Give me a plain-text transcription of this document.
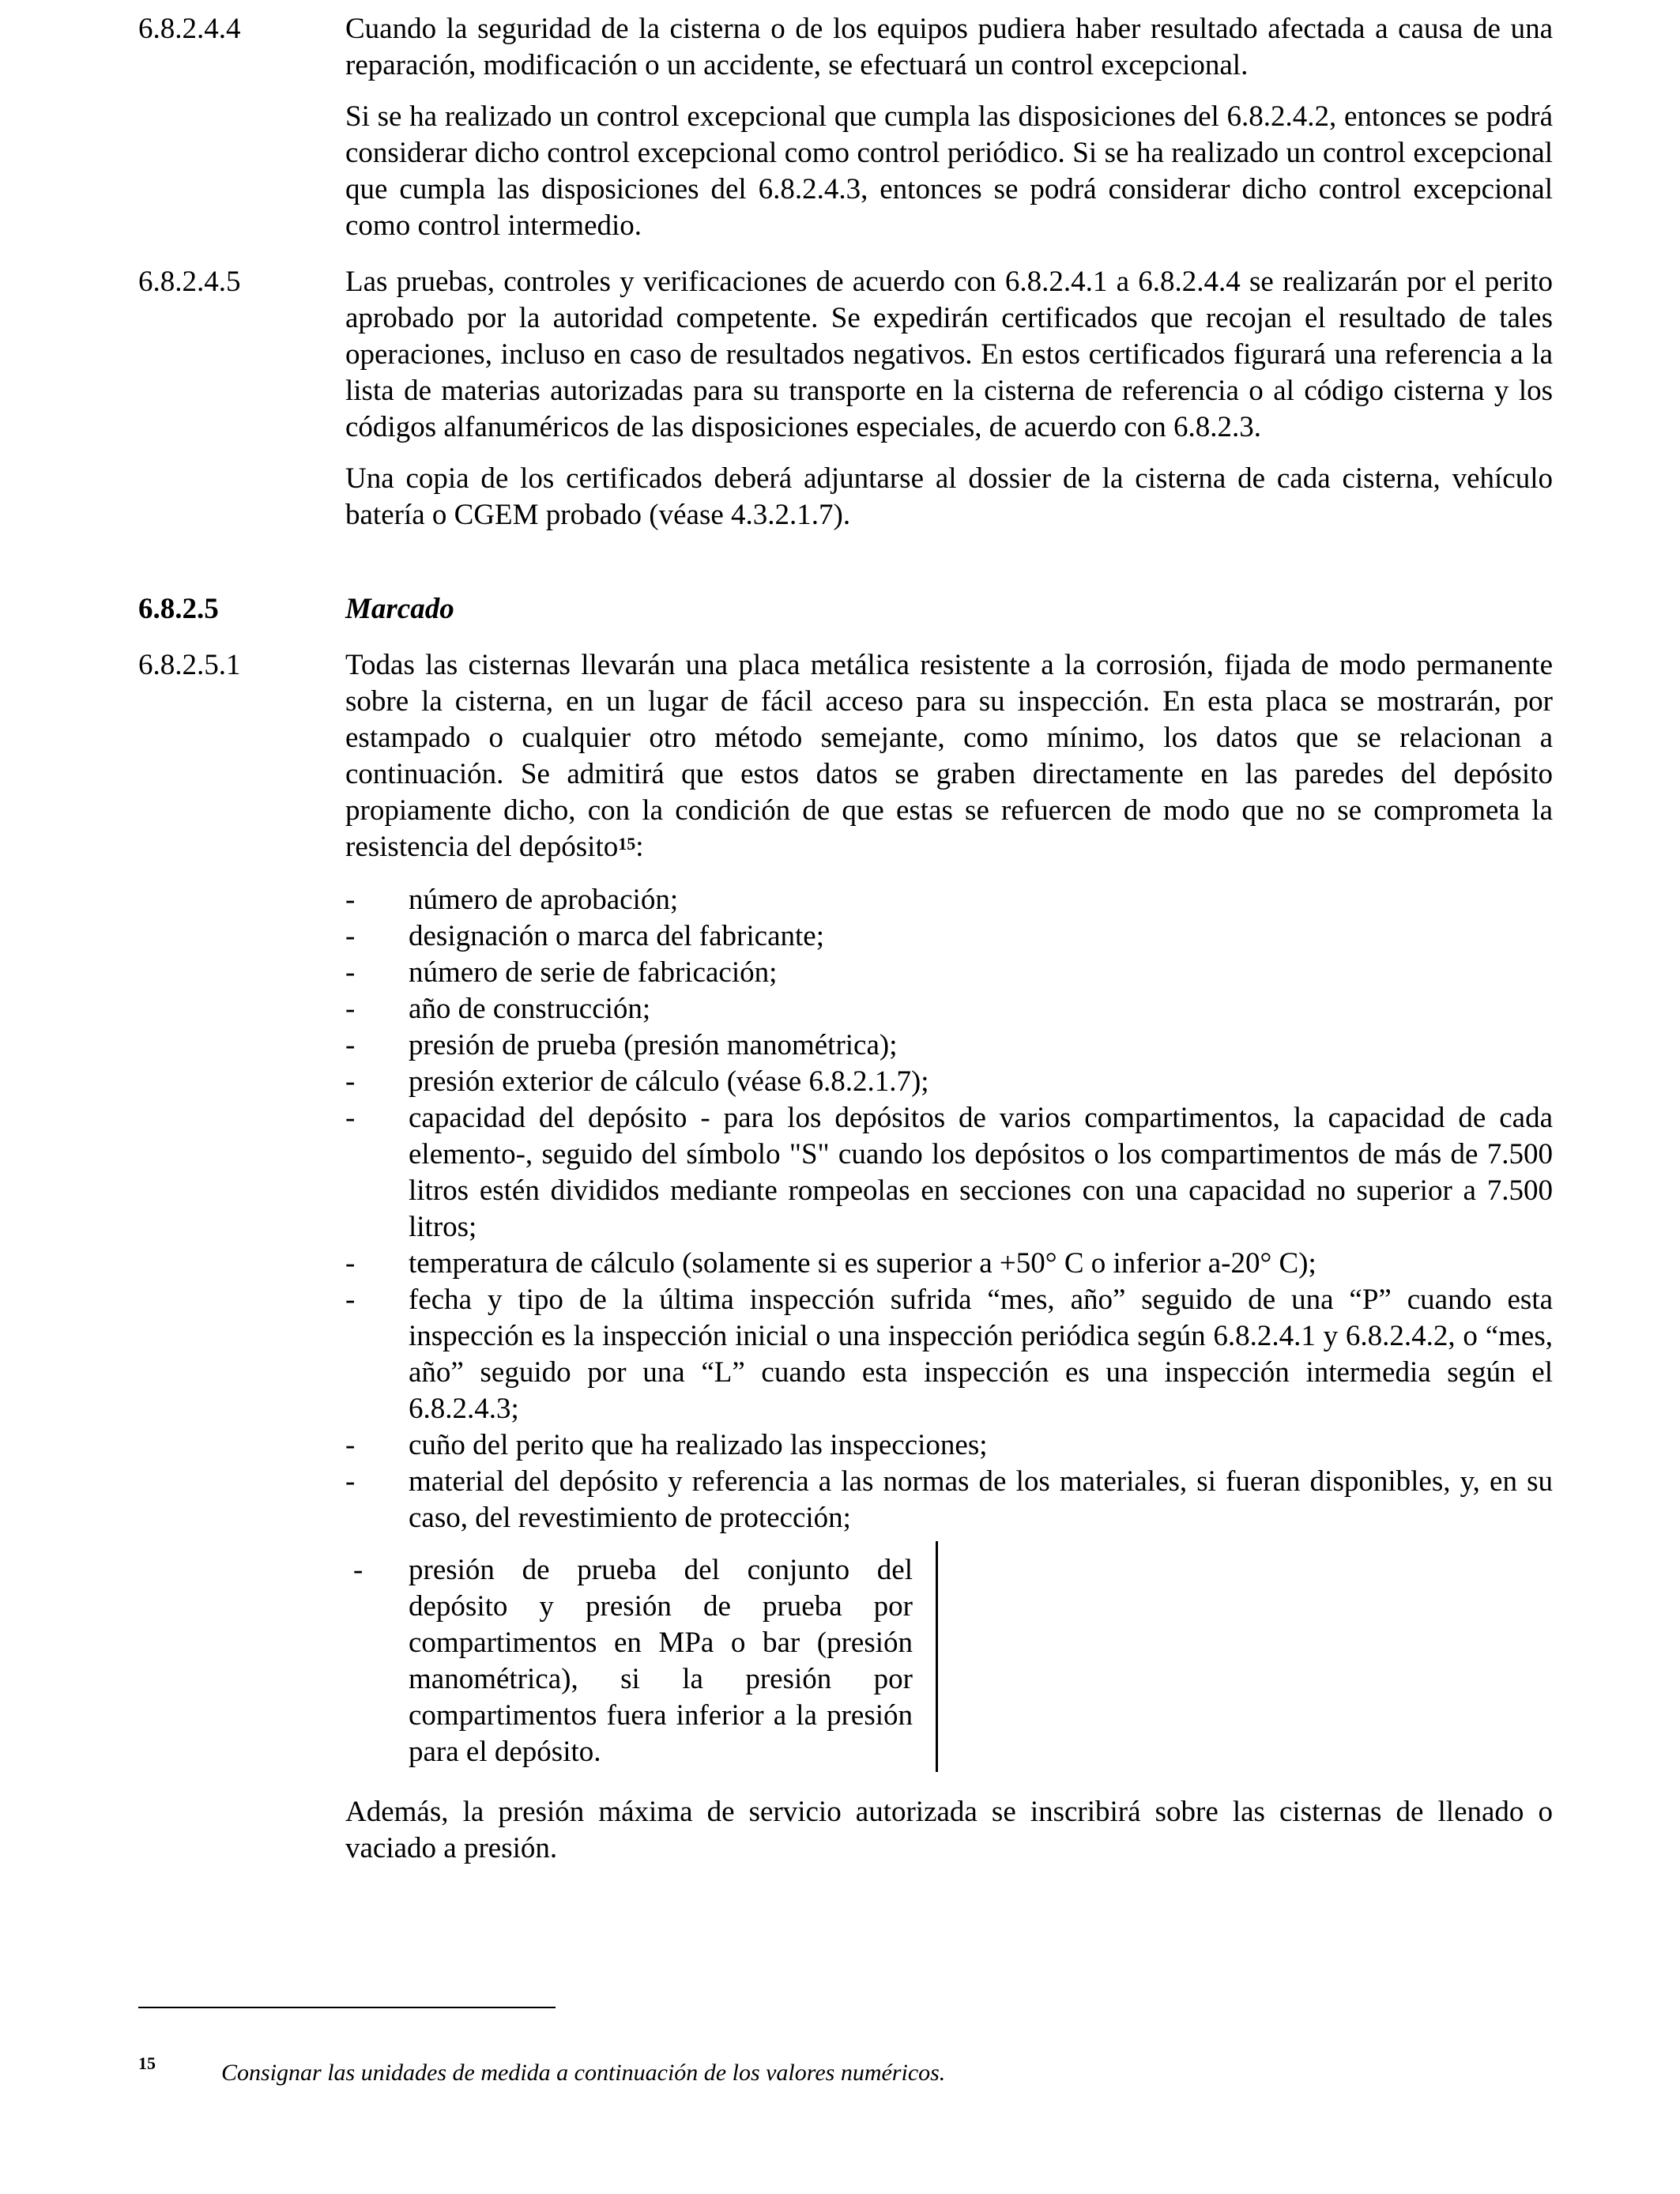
6.8.2.4.4	Cuando la seguridad de la cisterna o de los equipos pudiera haber resultado afectada a causa de una reparación, modificación o un accidente, se efectuará un control excepcional.

Si se ha realizado un control excepcional que cumpla las disposiciones del 6.8.2.4.2, entonces se podrá considerar dicho control excepcional como control periódico. Si se ha realizado un control excepcional que cumpla las disposiciones del 6.8.2.4.3, entonces se podrá considerar dicho control excepcional como control intermedio.

6.8.2.4.5	Las pruebas, controles y verificaciones de acuerdo con 6.8.2.4.1 a 6.8.2.4.4 se realizarán por el perito aprobado por la autoridad competente. Se expedirán certificados que recojan el resultado de tales operaciones, incluso en caso de resultados negativos. En estos certificados figurará una referencia a la lista de materias autorizadas para su transporte en la cisterna de referencia o al código cisterna y los códigos alfanuméricos de las disposiciones especiales, de acuerdo con 6.8.2.3.

Una copia de los certificados deberá adjuntarse al dossier de la cisterna de cada cisterna, vehículo batería o CGEM probado (véase 4.3.2.1.7).

6.8.2.5	Marcado
6.8.2.5.1	Todas las cisternas llevarán una placa metálica resistente a la corrosión, fijada de modo permanente sobre la cisterna, en un lugar de fácil acceso para su inspección. En esta placa se mostrarán, por estampado o cualquier otro método semejante, como mínimo, los datos que se relacionan a continuación. Se admitirá que estos datos se graben directamente en las paredes del depósito propiamente dicho, con la condición de que estas se refuercen de modo que no se comprometa la resistencia del depósito$^{15}$:

- número de aprobación;
- designación o marca del fabricante;
- número de serie de fabricación;
- año de construcción;
- presión de prueba (presión manométrica);
- presión exterior de cálculo (véase 6.8.2.1.7);
- capacidad del depósito - para los depósitos de varios compartimentos, la capacidad de cada elemento-, seguido del símbolo "S" cuando los depósitos o los compartimentos de más de 7.500 litros estén divididos mediante rompeolas en secciones con una capacidad no superior a 7.500 litros;
- temperatura de cálculo (solamente si es superior a +50° C o inferior a-20° C);
- fecha y tipo de la última inspección sufrida “mes, año” seguido de una “P” cuando esta inspección es la inspección inicial o una inspección periódica según 6.8.2.4.1 y 6.8.2.4.2, o “mes, año” seguido por una “L” cuando esta inspección es una inspección intermedia según el 6.8.2.4.3;
- cuño del perito que ha realizado las inspecciones;
- material del depósito y referencia a las normas de los materiales, si fueran disponibles, y, en su caso, del revestimiento de protección;
- presión de prueba del conjunto del depósito y presión de prueba por compartimentos en MPa o bar (presión manométrica), si la presión por compartimentos fuera inferior a la presión para el depósito.

Además, la presión máxima de servicio autorizada se inscribirá sobre las cisternas de llenado o vaciado a presión.

15	Consignar las unidades de medida a continuación de los valores numéricos.
